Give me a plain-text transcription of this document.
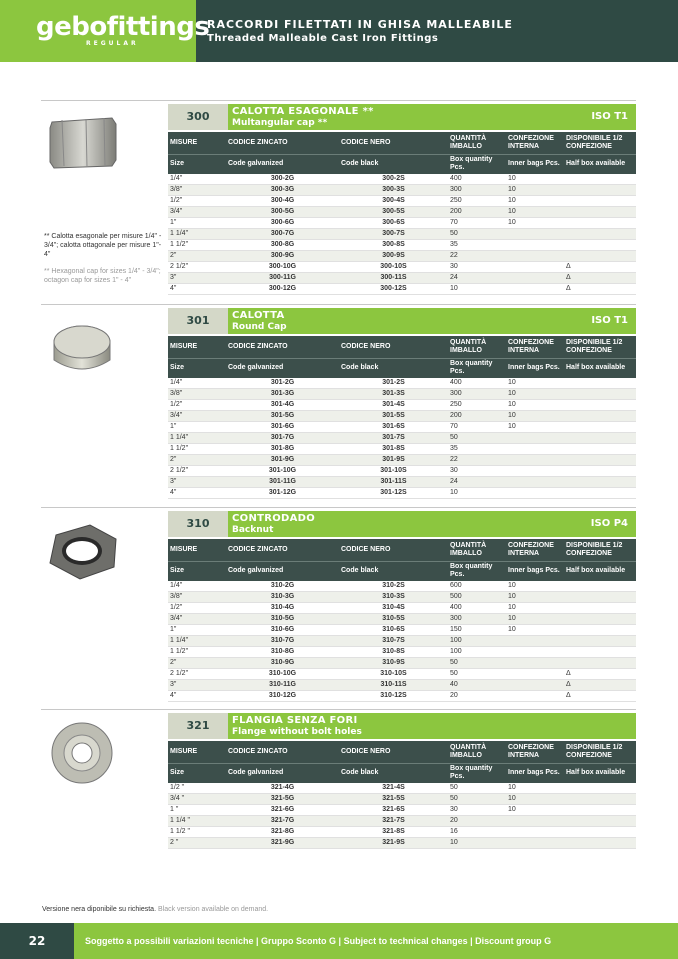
gebofittings
REGULAR
RACCORDI FILETTATI IN GHISA MALLEABILE
Threaded Malleable Cast Iron Fittings
300	CALOTTA ESAGONALE **
Multangular cap **
ISO T1
MISURE	CODICE ZINCATO	CODICE NERO	QUANTITÀ IMBALLO	CONFEZIONE INTERNA	DISPONIBILE 1/2 CONFEZIONE
Size	Code galvanized	Code black	Box quantity Pcs.	Inner bags Pcs.	Half box available
1/4"	300-2G	300-2S	400	10	
3/8"	300-3G	300-3S	300	10	
1/2"	300-4G	300-4S	250	10	
3/4"	300-5G	300-5S	200	10	
1"	300-6G	300-6S	70	10	
1 1/4"	300-7G	300-7S	50		
1 1/2"	300-8G	300-8S	35		
2"	300-9G	300-9S	22		
2 1/2"	300-10G	300-10S	30		Δ
3"	300-11G	300-11S	24		Δ
4"	300-12G	300-12S	10		Δ
301	CALOTTA
Round Cap
ISO T1
MISURE	CODICE ZINCATO	CODICE NERO	QUANTITÀ IMBALLO	CONFEZIONE INTERNA	DISPONIBILE 1/2 CONFEZIONE
Size	Code galvanized	Code black	Box quantity Pcs.	Inner bags Pcs.	Half box available
1/4"	301-2G	301-2S	400	10	
3/8"	301-3G	301-3S	300	10	
1/2"	301-4G	301-4S	250	10	
3/4"	301-5G	301-5S	200	10	
1"	301-6G	301-6S	70	10	
1 1/4"	301-7G	301-7S	50		
1 1/2"	301-8G	301-8S	35		
2"	301-9G	301-9S	22		
2 1/2"	301-10G	301-10S	30		
3"	301-11G	301-11S	24		
4"	301-12G	301-12S	10		
310	CONTRODADO
Backnut
ISO P4
MISURE	CODICE ZINCATO	CODICE NERO	QUANTITÀ IMBALLO	CONFEZIONE INTERNA	DISPONIBILE 1/2 CONFEZIONE
Size	Code galvanized	Code black	Box quantity Pcs.	Inner bags Pcs.	Half box available
1/4"	310-2G	310-2S	600	10	
3/8"	310-3G	310-3S	500	10	
1/2"	310-4G	310-4S	400	10	
3/4"	310-5G	310-5S	300	10	
1"	310-6G	310-6S	150	10	
1 1/4"	310-7G	310-7S	100		
1 1/2"	310-8G	310-8S	100		
2"	310-9G	310-9S	50		
2 1/2"	310-10G	310-10S	50		Δ
3"	310-11G	310-11S	40		Δ
4"	310-12G	310-12S	20		Δ
321	FLANGIA SENZA FORI
Flange without bolt holes
MISURE	CODICE ZINCATO	CODICE NERO	QUANTITÀ IMBALLO	CONFEZIONE INTERNA	DISPONIBILE 1/2 CONFEZIONE
Size	Code galvanized	Code black	Box quantity Pcs.	Inner bags Pcs.	Half box available
1/2 "	321-4G	321-4S	50	10	
3/4 "	321-5G	321-5S	50	10	
1 "	321-6G	321-6S	30	10	
1 1/4 "	321-7G	321-7S	20		
1 1/2 "	321-8G	321-8S	16		
2 "	321-9G	321-9S	10		
** Calotta esagonale per misure 1/4" - 3/4"; calotta ottagonale per misure 1"- 4"
** Hexagonal cap for sizes 1/4" - 3/4"; octagon cap for sizes 1" - 4"
Versione nera diponibile su richiesta. Black version available on demand.
22	Soggetto a possibili variazioni tecniche | Gruppo Sconto G | Subject to technical changes | Discount group G
